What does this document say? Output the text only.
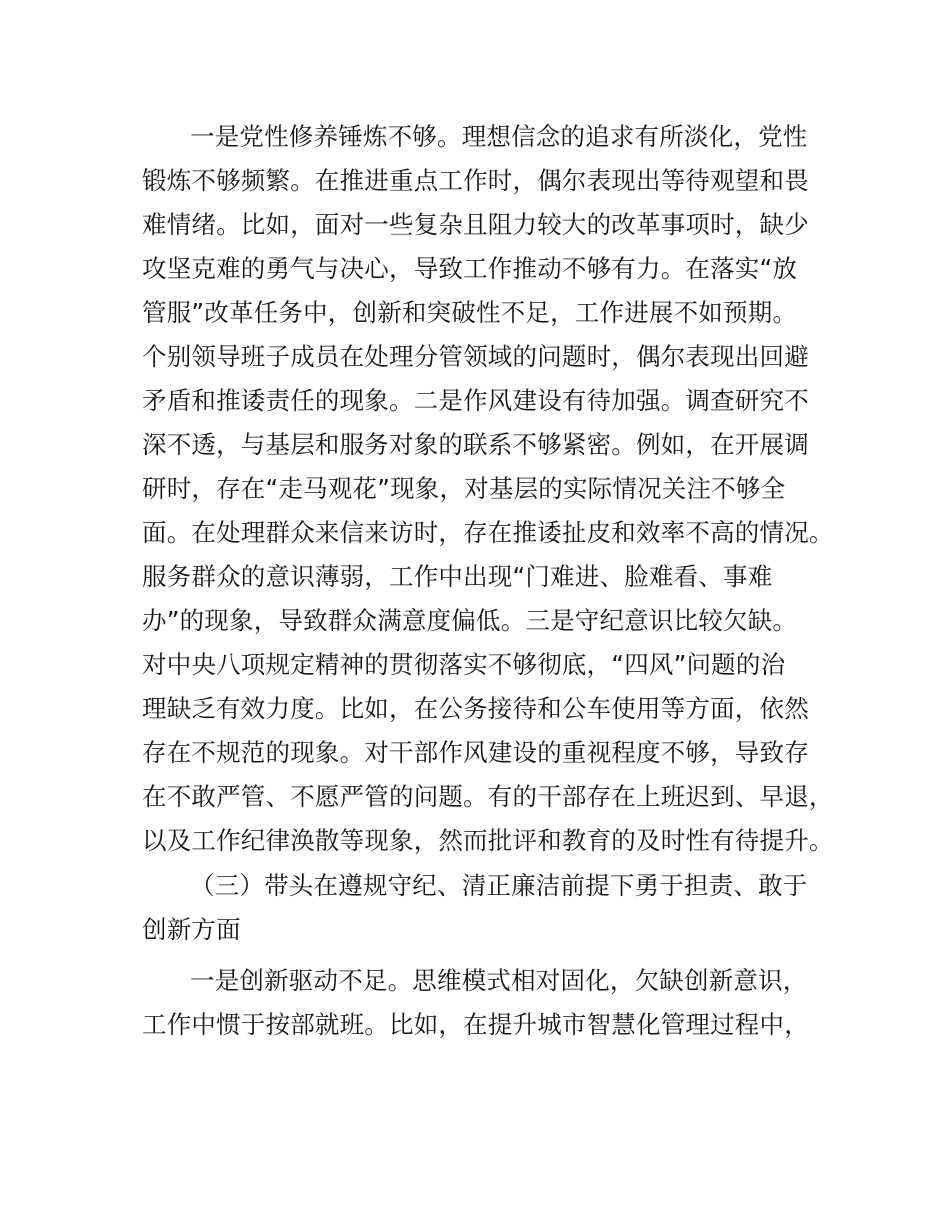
一是党性修养锤炼不够。理想信念的追求有所淡化，党性
锻炼不够频繁。在推进重点工作时，偶尔表现出等待观望和畏
难情绪。比如，面对一些复杂且阻力较大的改革事项时，缺少
攻坚克难的勇气与决心，导致工作推动不够有力。在落实“放
管服”改革任务中，创新和突破性不足，工作进展不如预期。
个别领导班子成员在处理分管领域的问题时，偶尔表现出回避
矛盾和推诿责任的现象。二是作风建设有待加强。调查研究不
深不透，与基层和服务对象的联系不够紧密。例如，在开展调
研时，存在“走马观花”现象，对基层的实际情况关注不够全
面。在处理群众来信来访时，存在推诿扯皮和效率不高的情况。
服务群众的意识薄弱，工作中出现“门难进、脸难看、事难
办”的现象，导致群众满意度偏低。三是守纪意识比较欠缺。
对中央八项规定精神的贯彻落实不够彻底，“四风”问题的治
理缺乏有效力度。比如，在公务接待和公车使用等方面，依然
存在不规范的现象。对干部作风建设的重视程度不够，导致存
在不敢严管、不愿严管的问题。有的干部存在上班迟到、早退，
以及工作纪律涣散等现象，然而批评和教育的及时性有待提升。
（三）带头在遵规守纪、清正廉洁前提下勇于担责、敢于
创新方面
一是创新驱动不足。思维模式相对固化，欠缺创新意识，
工作中惯于按部就班。比如，在提升城市智慧化管理过程中，
